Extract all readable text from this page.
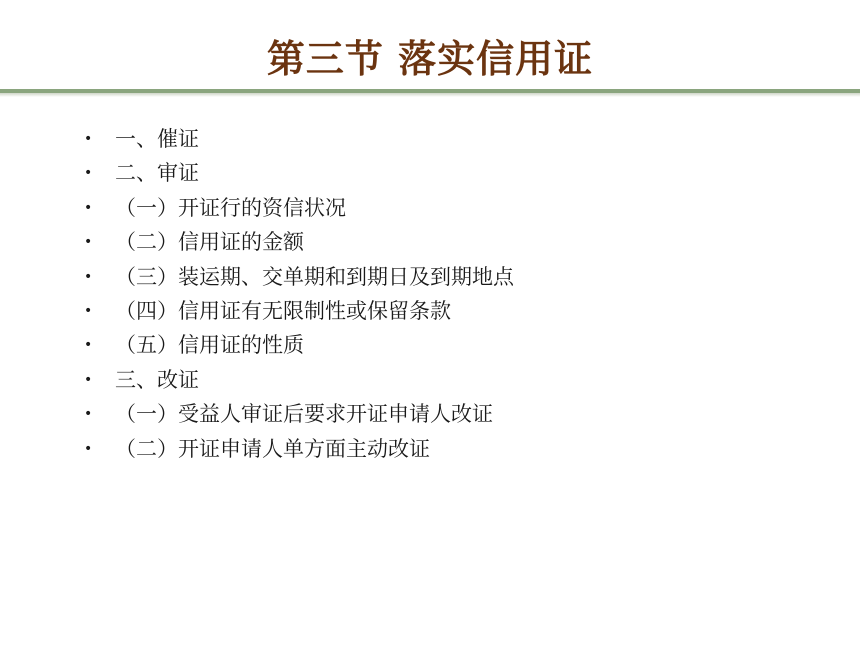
第三节 落实信用证
• 一、催证
• 二、审证
• （一）开证行的资信状况
• （二）信用证的金额
• （三）装运期、交单期和到期日及到期地点
• （四）信用证有无限制性或保留条款
• （五）信用证的性质
• 三、改证
• （一）受益人审证后要求开证申请人改证
• （二）开证申请人单方面主动改证
